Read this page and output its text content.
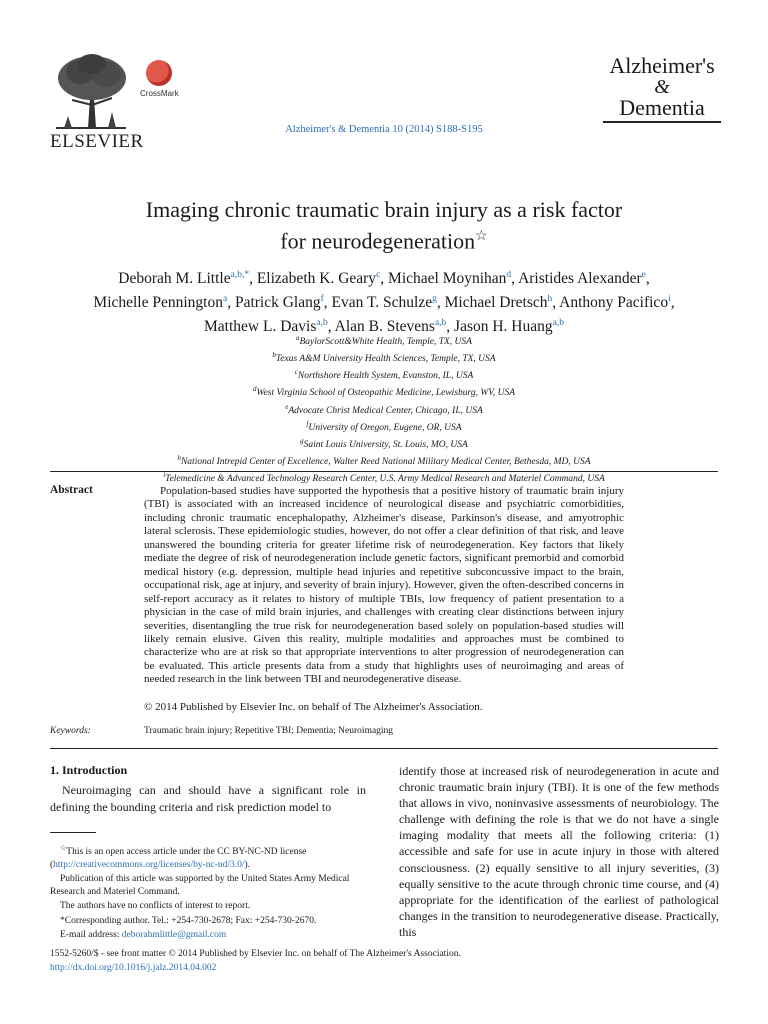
ELSEVIER
CrossMark
Alzheimer's & Dementia 10 (2014) S188-S195
Alzheimer's
&
Dementia
Imaging chronic traumatic brain injury as a risk factor
for neurodegeneration☆
Deborah M. Little$^{a,b,*}$, Elizabeth K. Geary$^c$, Michael Moynihan$^d$, Aristides Alexander$^e$,
Michelle Pennington$^a$, Patrick Glang$^f$, Evan T. Schulze$^g$, Michael Dretsch$^h$, Anthony Pacifico$^i$,
Matthew L. Davis$^{a,b}$, Alan B. Stevens$^{a,b}$, Jason H. Huang$^{a,b}$
$^a$BaylorScott&White Health, Temple, TX, USA
$^b$Texas A&M University Health Sciences, Temple, TX, USA
$^c$Northshore Health System, Evanston, IL, USA
$^d$West Virginia School of Osteopathic Medicine, Lewisburg, WV, USA
$^e$Advocate Christ Medical Center, Chicago, IL, USA
$^f$University of Oregon, Eugene, OR, USA
$^g$Saint Louis University, St. Louis, MO, USA
$^h$National Intrepid Center of Excellence, Walter Reed National Military Medical Center, Bethesda, MD, USA
$^i$Telemedicine & Advanced Technology Research Center, U.S. Army Medical Research and Materiel Command, USA
Abstract	Population-based studies have supported the hypothesis that a positive history of traumatic brain injury (TBI) is associated with an increased incidence of neurological disease and psychiatric comorbidities, including chronic traumatic encephalopathy, Alzheimer's disease, Parkinson's disease, and amyotrophic lateral sclerosis. These epidemiologic studies, however, do not offer a clear definition of that risk, and leave unanswered the bounding criteria for greater lifetime risk of neurodegeneration. Key factors that likely mediate the degree of risk of neurodegeneration include genetic factors, significant premorbid and comorbid medical history (e.g. depression, multiple head injuries and repetitive subconcussive impact to the brain, occupational risk, age at injury, and severity of brain injury). However, given the often-described concerns in self-report accuracy as it relates to history of multiple TBIs, low frequency of patient presentation to a physician in the case of mild brain injuries, and challenges with creating clear distinctions between injury severities, disentangling the true risk for neurodegeneration based solely on population-based studies will likely remain elusive. Given this reality, multiple modalities and approaches must be combined to characterize who are at risk so that appropriate interventions to alter progression of neurodegeneration can be evaluated. This article presents data from a study that highlights uses of neuroimaging and areas of needed research in the link between TBI and neurodegenerative disease.
© 2014 Published by Elsevier Inc. on behalf of The Alzheimer's Association.
Keywords:	Traumatic brain injury; Repetitive TBI; Dementia; Neuroimaging
1. Introduction
Neuroimaging can and should have a significant role in defining the bounding criteria and risk prediction model to
identify those at increased risk of neurodegeneration in acute and chronic traumatic brain injury (TBI). It is one of the few methods that allows in vivo, noninvasive assessments of neurobiology. The challenge with defining the role is that we do not have a single imaging modality that meets all the following criteria: (1) accessible and safe for use in acute injury in those with altered consciousness. (2) equally sensitive to all injury severities, (3) equally sensitive to the acute through chronic time course, and (4) appropriate for the identification of the earliest of pathological changes in the transition to neurodegenerative disease. Practically, this

☆This is an open access article under the CC BY-NC-ND license (http://creativecommons.org/licenses/by-nc-nd/3.0/).

Publication of this article was supported by the United States Army Medical Research and Materiel Command.

The authors have no conflicts of interest to report.

*Corresponding author. Tel.: +254-730-2678; Fax: +254-730-2670.

E-mail address: deborahmlittle@gmail.com

1552-5260/$ - see front matter © 2014 Published by Elsevier Inc. on behalf of The Alzheimer's Association.
http://dx.doi.org/10.1016/j.jalz.2014.04.002
